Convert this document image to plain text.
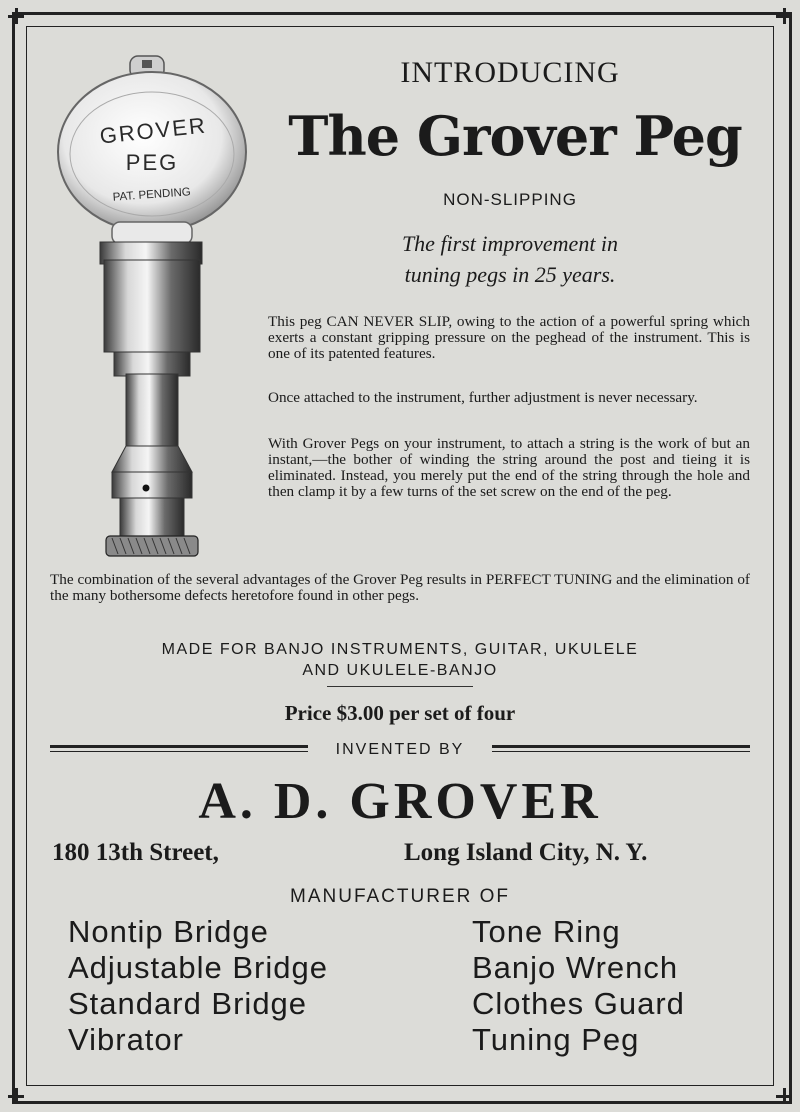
GROVER
PEG
PAT. PENDING
INTRODUCING
The Grover Peg
NON-SLIPPING
The first improvement in
tuning pegs in 25 years.

This peg CAN NEVER SLIP, owing to the action of a powerful spring which exerts a constant gripping pressure on the peghead of the instrument. This is one of its patented features.

Once attached to the instrument, further adjustment is never necessary.

With Grover Pegs on your instrument, to attach a string is the work of but an instant,—the bother of winding the string around the post and tieing it is eliminated. Instead, you merely put the end of the string through the hole and then clamp it by a few turns of the set screw on the end of the peg.

The combination of the several advantages of the Grover Peg results in PERFECT TUNING and the elimination of the many bothersome defects heretofore found in other pegs.

MADE FOR BANJO INSTRUMENTS, GUITAR, UKULELE
AND UKULELE-BANJO
Price $3.00 per set of four
INVENTED BY
A. D. GROVER
180 13th Street,	Long Island City, N. Y.
MANUFACTURER OF
Nontip Bridge
Adjustable Bridge
Standard Bridge
Vibrator
Tone Ring
Banjo Wrench
Clothes Guard
Tuning Peg
